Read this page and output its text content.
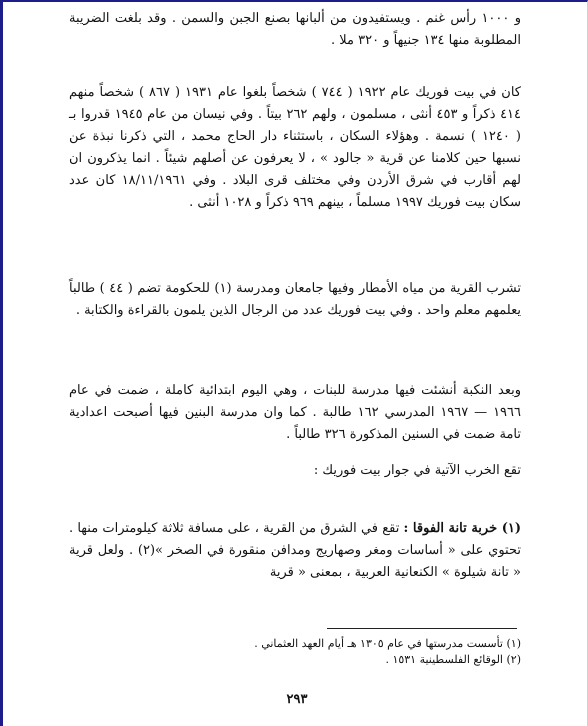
و ١٠٠٠ رأس غنم . ويستفيدون من ألبانها بصنع الجبن والسمن . وقد بلغت الضريبة المطلوبة منها ١٣٤ جنيهاً و ٣٢٠ ملا .

كان في بيت فوريك عام ١٩٢٢ ( ٧٤٤ ) شخصاً بلغوا عام ١٩٣١ ( ٨٦٧ ) شخصاً منهم ٤١٤ ذكراً و ٤٥٣ أنثى ، مسلمون ، ولهم ٢٦٢ بيتاً . وفي نيسان من عام ١٩٤٥ قدروا بـ ( ١٢٤٠ ) نسمة . وهؤلاء السكان ، باستثناء دار الحاج محمد ، التي ذكرنا نبذة عن نسبها حين كلامنا عن قرية « جالود » ، لا يعرفون عن أصلهم شيئاً . انما يذكرون ان لهم أقارب في شرق الأردن وفي مختلف قرى البلاد . وفي ١٨/١١/١٩٦١ كان عدد سكان بيت فوريك ١٩٩٧ مسلماً ، بينهم ٩٦٩ ذكراً و ١٠٢٨ أنثى .

تشرب القرية من مياه الأمطار وفيها جامعان ومدرسة (١) للحكومة تضم ( ٤٤ ) طالباً يعلمهم معلم واحد . وفي بيت فوريك عدد من الرجال الذين يلمون بالقراءة والكتابة .

وبعد النكبة أنشئت فيها مدرسة للبنات ، وهي اليوم ابتدائية كاملة ، ضمت في عام ١٩٦٦ — ١٩٦٧ المدرسي ١٦٢ طالبة . كما وان مدرسة البنين فيها أصبحت اعدادية تامة ضمت في السنين المذكورة ٣٢٦ طالباً .

تقع الخرب الآتية في جوار بيت فوريك :

(١) خربة تانة الفوقا : تقع في الشرق من القرية ، على مسافة ثلاثة كيلومترات منها . تحتوي على « أساسات ومغر وصهاريج ومدافن منقورة في الصخر »(٢) . ولعل قرية « تانة شيلوة » الكنعانية العربية ، بمعنى « قرية

(١) تأسست مدرستها في عام ١٣٠٥ هـ أيام العهد العثماني .

(٢) الوقائع الفلسطينية ١٥٣١ .

٢٩٣
